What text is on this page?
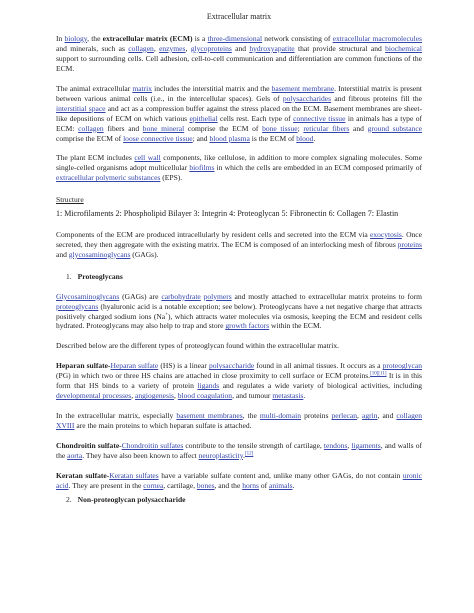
Extracellular matrix

In biology, the extracellular matrix (ECM) is a three-dimensional network consisting of extracellular macromolecules and minerals, such as collagen, enzymes, glycoproteins and hydroxyapatite that provide structural and biochemical support to surrounding cells. Cell adhesion, cell-to-cell communication and differentiation are common functions of the ECM.

The animal extracellular matrix includes the interstitial matrix and the basement membrane. Interstitial matrix is present between various animal cells (i.e., in the intercellular spaces). Gels of polysaccharides and fibrous proteins fill the interstitial space and act as a compression buffer against the stress placed on the ECM. Basement membranes are sheet-like depositions of ECM on which various epithelial cells rest. Each type of connective tissue in animals has a type of ECM: collagen fibers and bone mineral comprise the ECM of bone tissue; reticular fibers and ground substance comprise the ECM of loose connective tissue; and blood plasma is the ECM of blood.

The plant ECM includes cell wall components, like cellulose, in addition to more complex signaling molecules. Some single-celled organisms adopt multicellular biofilms in which the cells are embedded in an ECM composed primarily of extracellular polymeric substances (EPS).

Structure

1: Microfilaments 2: Phospholipid Bilayer 3: Integrin 4: Proteoglycan 5: Fibronectin 6: Collagen 7: Elastin

Components of the ECM are produced intracellularly by resident cells and secreted into the ECM via exocytosis. Once secreted, they then aggregate with the existing matrix. The ECM is composed of an interlocking mesh of fibrous proteins and glycosaminoglycans (GAGs).

1. Proteoglycans

Glycosaminoglycans (GAGs) are carbohydrate polymers and mostly attached to extracellular matrix proteins to form proteoglycans (hyaluronic acid is a notable exception; see below). Proteoglycans have a net negative charge that attracts positively charged sodium ions (Na+), which attracts water molecules via osmosis, keeping the ECM and resident cells hydrated. Proteoglycans may also help to trap and store growth factors within the ECM.

Described below are the different types of proteoglycan found within the extracellular matrix.

Heparan sulfate-Heparan sulfate (HS) is a linear polysaccharide found in all animal tissues. It occurs as a proteoglycan (PG) in which two or three HS chains are attached in close proximity to cell surface or ECM proteins.[10][11] It is in this form that HS binds to a variety of protein ligands and regulates a wide variety of biological activities, including developmental processes, angiogenesis, blood coagulation, and tumour metastasis.

In the extracellular matrix, especially basement membranes, the multi-domain proteins perlecan, agrin, and collagen XVIII are the main proteins to which heparan sulfate is attached.

Chondroitin sulfate-Chondroitin sulfates contribute to the tensile strength of cartilage, tendons, ligaments, and walls of the aorta. They have also been known to affect neuroplasticity.[12]

Keratan sulfate-Keratan sulfates have a variable sulfate content and, unlike many other GAGs, do not contain uronic acid. They are present in the cornea, cartilage, bones, and the horns of animals.

2. Non-proteoglycan polysaccharide
